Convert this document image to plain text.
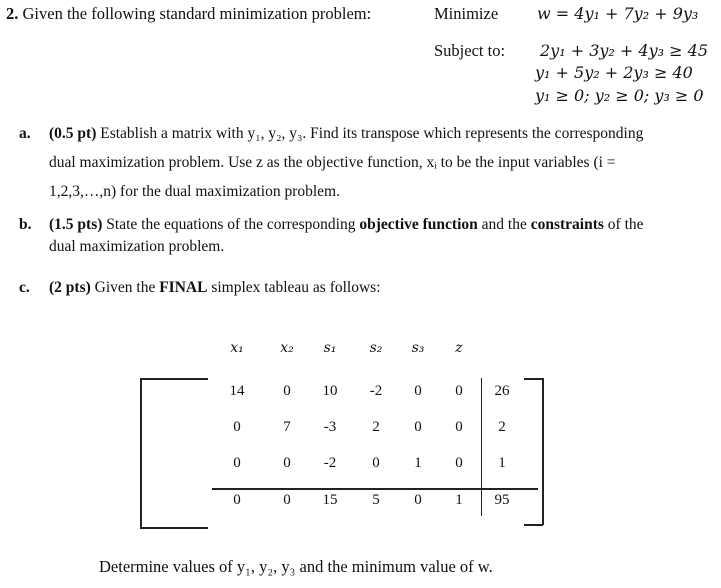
2. Given the following standard minimization problem:	Minimize w = 4y₁ + 7y₂ + 9y₃
Subject to: 2y₁ + 3y₂ + 4y₃ ≥ 45
y₁ + 5y₂ + 2y₃ ≥ 40
y₁ ≥ 0; y₂ ≥ 0; y₃ ≥ 0
a. (0.5 pt) Establish a matrix with y₁, y₂, y₃. Find its transpose which represents the corresponding
dual maximization problem. Use z as the objective function, xᵢ to be the input variables (i =
1,2,3,…,n) for the dual maximization problem.
b. (1.5 pts) State the equations of the corresponding objective function and the constraints of the
dual maximization problem.
c. (2 pts) Given the FINAL simplex tableau as follows:
x₁	x₂	s₁	s₂	s₃	z
14	0	10	-2	0	0	26
0	7	-3	2	0	0	2
0	0	-2	0	1	0	1
0	0	15	5	0	1	95
Determine values of y₁, y₂, y₃ and the minimum value of w.
